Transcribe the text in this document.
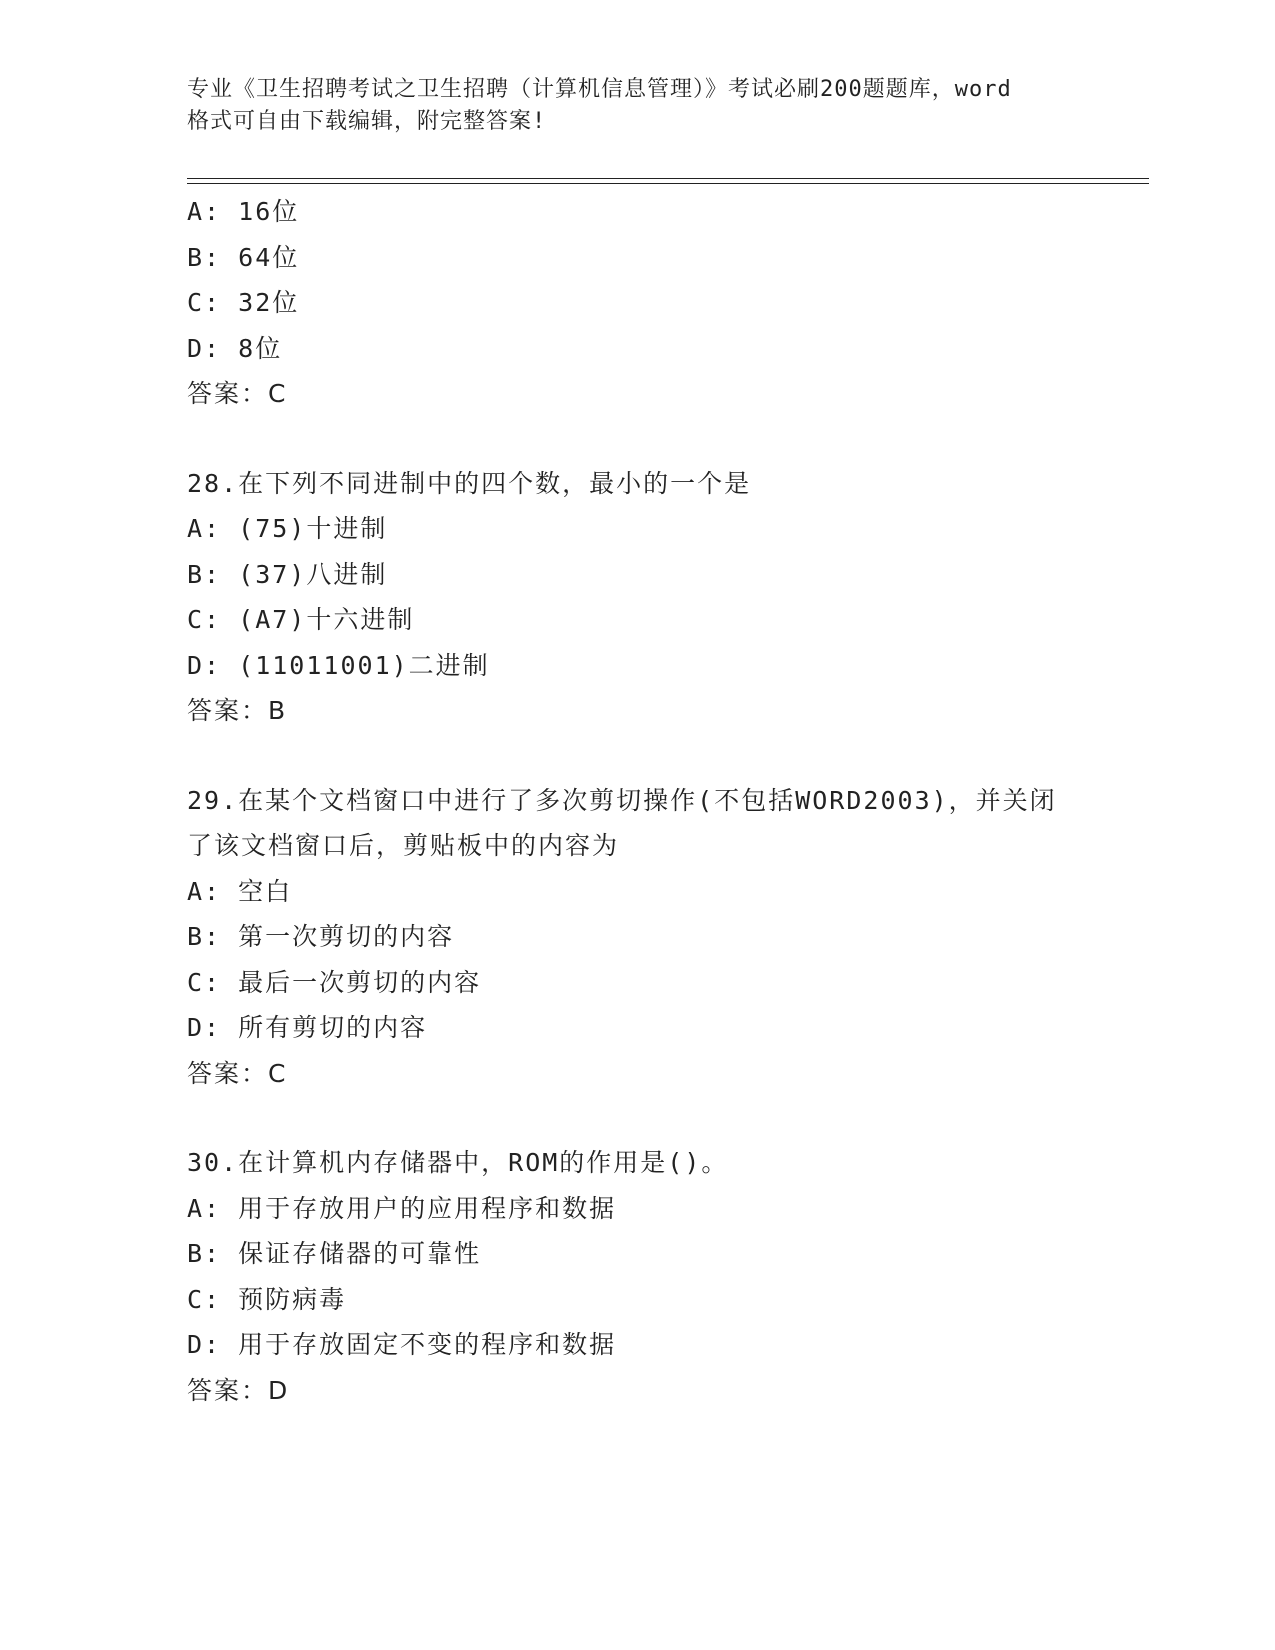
专业《卫生招聘考试之卫生招聘（计算机信息管理）》考试必刷200题题库，word
格式可自由下载编辑，附完整答案!
A: 16位
B: 64位
C: 32位
D: 8位
答案：C
28.在下列不同进制中的四个数，最小的一个是
A: (75)十进制
B: (37)八进制
C: (A7)十六进制
D: (11011001)二进制
答案：B
29.在某个文档窗口中进行了多次剪切操作(不包括WORD2003)，并关闭
了该文档窗口后，剪贴板中的内容为
A: 空白
B: 第一次剪切的内容
C: 最后一次剪切的内容
D: 所有剪切的内容
答案：C
30.在计算机内存储器中，ROM的作用是()。
A: 用于存放用户的应用程序和数据
B: 保证存储器的可靠性
C: 预防病毒
D: 用于存放固定不变的程序和数据
答案：D
